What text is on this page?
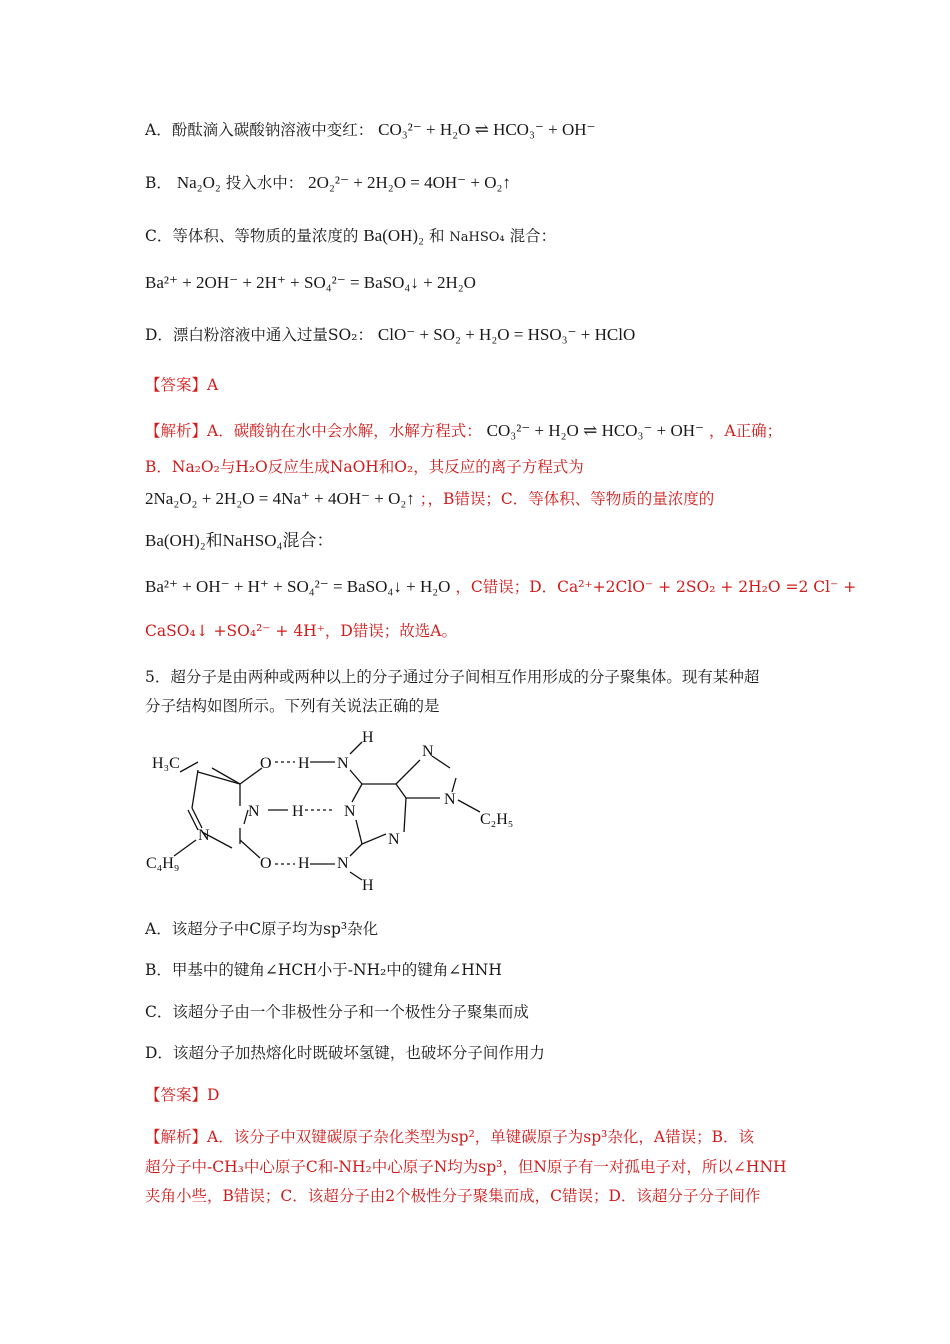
A．酚酞滴入碳酸钠溶液中变红： CO₃²⁻ + H₂O ⇌ HCO₃⁻ + OH⁻
B． Na₂O₂ 投入水中： 2O₂²⁻ + 2H₂O = 4OH⁻ + O₂↑
C．等体积、等物质的量浓度的 Ba(OH)₂ 和 NaHSO₄ 混合：
Ba²⁺ + 2OH⁻ + 2H⁺ + SO₄²⁻ = BaSO₄↓ + 2H₂O
D．漂白粉溶液中通入过量SO₂： ClO⁻ + SO₂ + H₂O = HSO₃⁻ + HClO
【答案】A
【解析】A．碳酸钠在水中会水解，水解方程式： CO₃²⁻ + H₂O ⇌ HCO₃⁻ + OH⁻ ，A正确；
B．Na₂O₂与H₂O反应生成NaOH和O₂，其反应的离子方程式为
2Na₂O₂ + 2H₂O = 4Na⁺ + 4OH⁻ + O₂↑ ；，B错误；C．等体积、等物质的量浓度的
Ba(OH)₂和NaHSO₄混合：
Ba²⁺ + OH⁻ + H⁺ + SO₄²⁻ = BaSO₄↓ + H₂O ，C错误；D．Ca²⁺+2ClO⁻ + 2SO₂ + 2H₂O =2 Cl⁻ +
CaSO₄↓ +SO₄²⁻ + 4H⁺，D错误；故选A。
5．超分子是由两种或两种以上的分子通过分子间相互作用形成的分子聚集体。现有某种超
分子结构如图所示。下列有关说法正确的是
H₃C	O H N
H
N
N H	N
N
C₂H₅
N
N
C₄H₉	O H N
H
A．该超分子中C原子均为sp³杂化
B．甲基中的键角∠HCH小于-NH₂中的键角∠HNH
C．该超分子由一个非极性分子和一个极性分子聚集而成
D．该超分子加热熔化时既破坏氢键，也破坏分子间作用力
【答案】D
【解析】A．该分子中双键碳原子杂化类型为sp²，单键碳原子为sp³杂化，A错误；B．该
超分子中-CH₃中心原子C和-NH₂中心原子N均为sp³，但N原子有一对孤电子对，所以∠HNH
夹角小些，B错误；C．该超分子由2个极性分子聚集而成，C错误；D．该超分子分子间作
